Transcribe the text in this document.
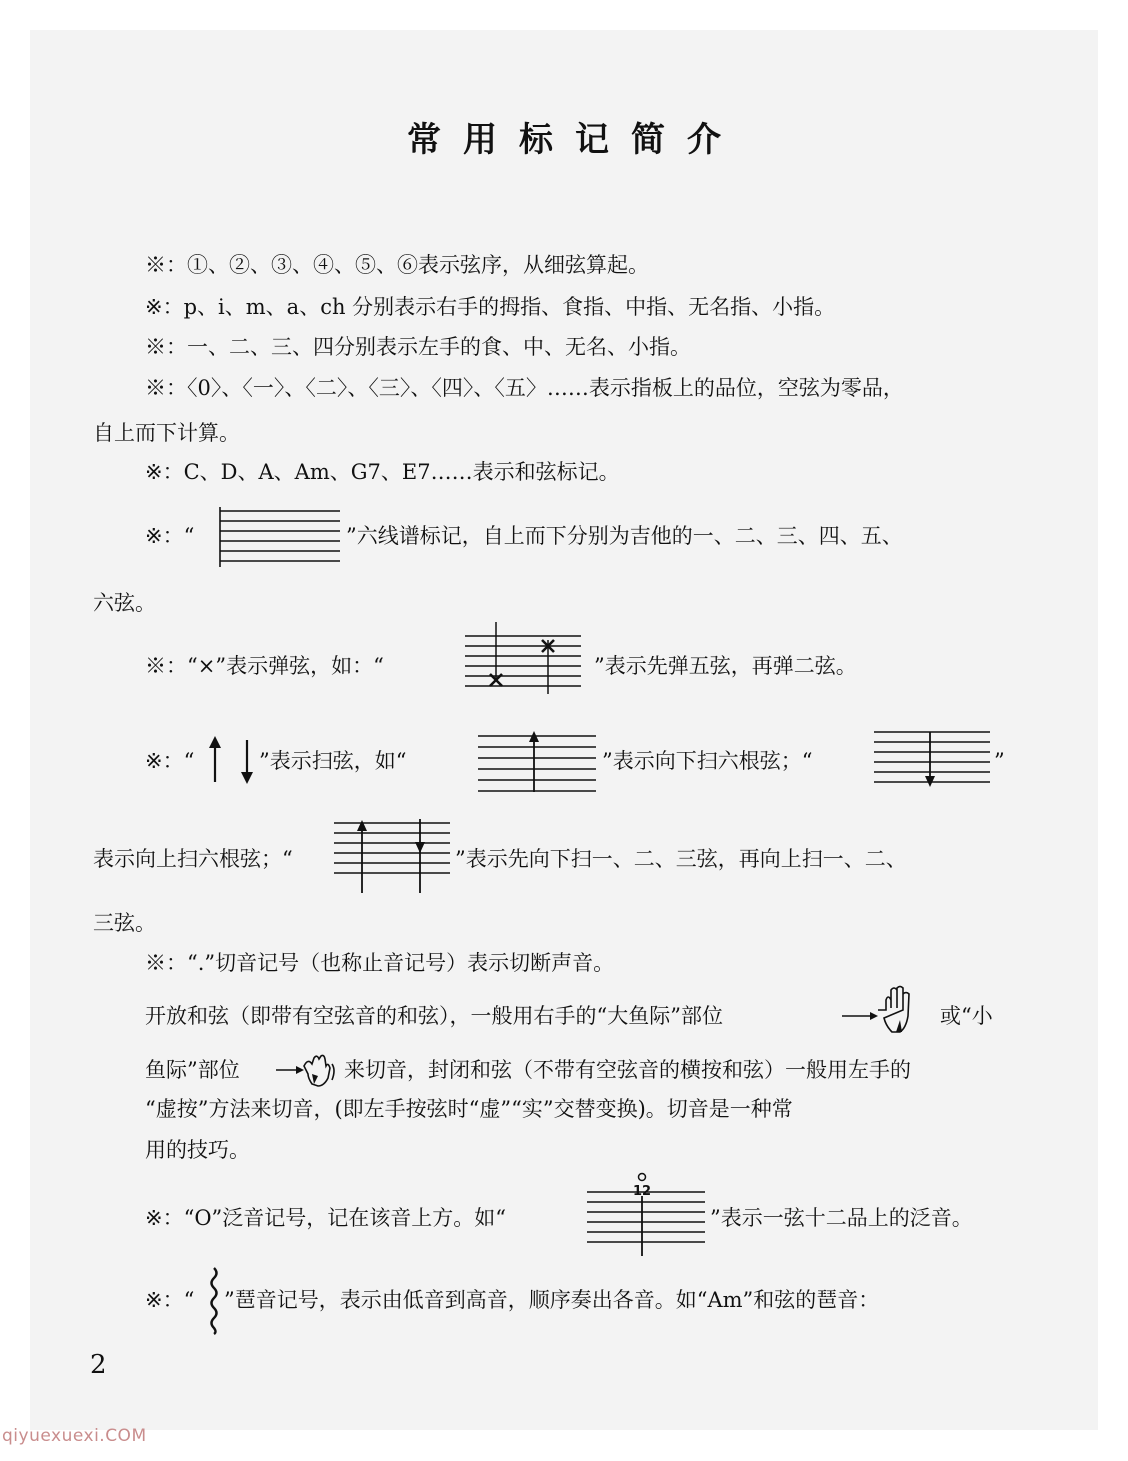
常用标记简介
※：①、②、③、④、⑤、⑥表示弦序，从细弦算起。
※：p、i、m、a、ch 分别表示右手的拇指、食指、中指、无名指、小指。
※：一、二、三、四分别表示左手的食、中、无名、小指。
※：〈0〉、〈一〉、〈二〉、〈三〉、〈四〉、〈五〉……表示指板上的品位，空弦为零品，
自上而下计算。
※：C、D、A、Am、G7、E7……表示和弦标记。
※：“	”六线谱标记，自上而下分别为吉他的一、二、三、四、五、
六弦。
※：“×”表示弹弦，如：“	”表示先弹五弦，再弹二弦。
※：“	”表示扫弦，如“	”表示向下扫六根弦；“	”
表示向上扫六根弦；“	”表示先向下扫一、二、三弦，再向上扫一、二、
三弦。
※：“.”切音记号（也称止音记号）表示切断声音。
开放和弦（即带有空弦音的和弦），一般用右手的“大鱼际”部位	或“小
鱼际”部位	来切音，封闭和弦（不带有空弦音的横按和弦）一般用左手的
“虚按”方法来切音，(即左手按弦时“虚”“实”交替变换)。切音是一种常
用的技巧。
※：“O”泛音记号，记在该音上方。如“
12
”表示一弦十二品上的泛音。
※：“ ”琶音记号，表示由低音到高音，顺序奏出各音。如“Am”和弦的琶音：
2
qiyuexuexi.COM
